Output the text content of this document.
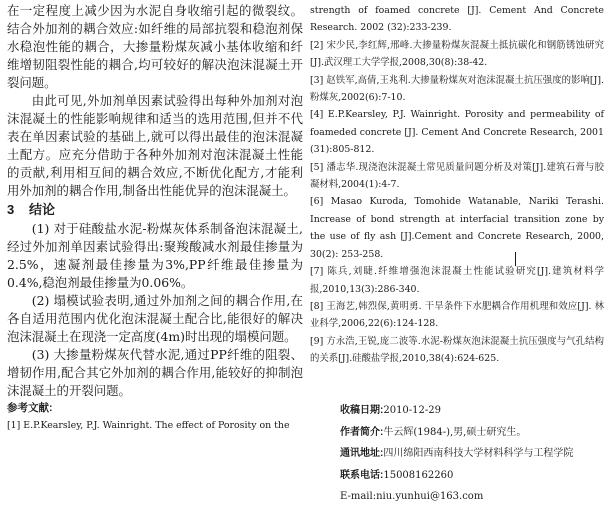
在一定程度上减少因为水泥自身收缩引起的微裂纹。结合外加剂的耦合效应:如纤维的局部抗裂和稳泡剂保水稳泡性能的耦合，大掺量粉煤灰减小基体收缩和纤维增韧阻裂性能的耦合,均可较好的解决泡沫混凝土开裂问题。

由此可见,外加剂单因素试验得出每种外加剂对泡沫混凝土的性能影响规律和适当的选用范围,但并不代表在单因素试验的基础上,就可以得出最佳的泡沫混凝土配方。应充分借助于各种外加剂对泡沫混凝土性能的贡献,利用相互间的耦合效应,不断优化配方,才能利用外加剂的耦合作用,制备出性能优异的泡沫混凝土。

3 结论

(1) 对于硅酸盐水泥-粉煤灰体系制备泡沫混凝土,经过外加剂单因素试验得出:聚羧酸减水剂最佳掺量为2.5%，速凝剂最佳掺量为3%,PP纤维最佳掺量为0.4%,稳泡剂最佳掺量为0.06%。

(2) 塌模试验表明,通过外加剂之间的耦合作用,在各自适用范围内优化泡沫混凝土配合比,能很好的解决泡沫混凝土在现浇一定高度(4m)时出现的塌模问题。

(3) 大掺量粉煤灰代替水泥,通过PP纤维的阻裂、增韧作用,配合其它外加剂的耦合作用,能较好的抑制泡沫混凝土的开裂问题。

参考文献:

[1] E.P.Kearsley, P.J. Wainright. The effect of Porosity on the

strength of foamed concrete [J]. Cement And Concrete Research. 2002 (32):233-239.

[2] 宋少民,李红辉,邢峰.大掺量粉煤灰混凝土抵抗碳化和钢筋锈蚀研究[J].武汉理工大学学报,2008,30(8):38-42.

[3] 赵铁军,高倩,王兆利.大掺量粉煤灰对泡沫混凝土抗压强度的影响[J].粉煤灰,2002(6):7-10.

[4] E.P.Kearsley, P.J. Wainright. Porosity and permeability of foameded concrete [J]. Cement And Concrete Research, 2001 (31):805-812.

[5] 潘志华.现浇泡沫混凝土常见质量问题分析及对策[J].建筑石膏与胶凝材料,2004(1):4-7.

[6] Masao Kuroda, Tomohide Watanable, Nariki Terashi. Increase of bond strength at interfacial transition zone by the use of fly ash [J].Cement and Concrete Research, 2000, 30(2): 253-258.

[7] 陈兵,刘睫.纤维增强泡沫混凝土性能试验研究[J].建筑材料学报,2010,13(3):286-340.

[8] 王海艺,韩烈保,黄明勇. 干旱条件下水肥耦合作用机理和效应[J]. 林业科学,2006,22(6):124-128.

[9] 方永浩,王锐,庞二波等.水泥-粉煤灰泡沫混凝土抗压强度与气孔结构的关系[J].硅酸盐学报,2010,38(4):624-625.

收稿日期:2010-12-29
作者简介:牛云辉(1984-),男,硕士研究生。
通讯地址:四川绵阳西南科技大学材料科学与工程学院
联系电话:15008162260
E-mail:niu.yunhui@163.com
